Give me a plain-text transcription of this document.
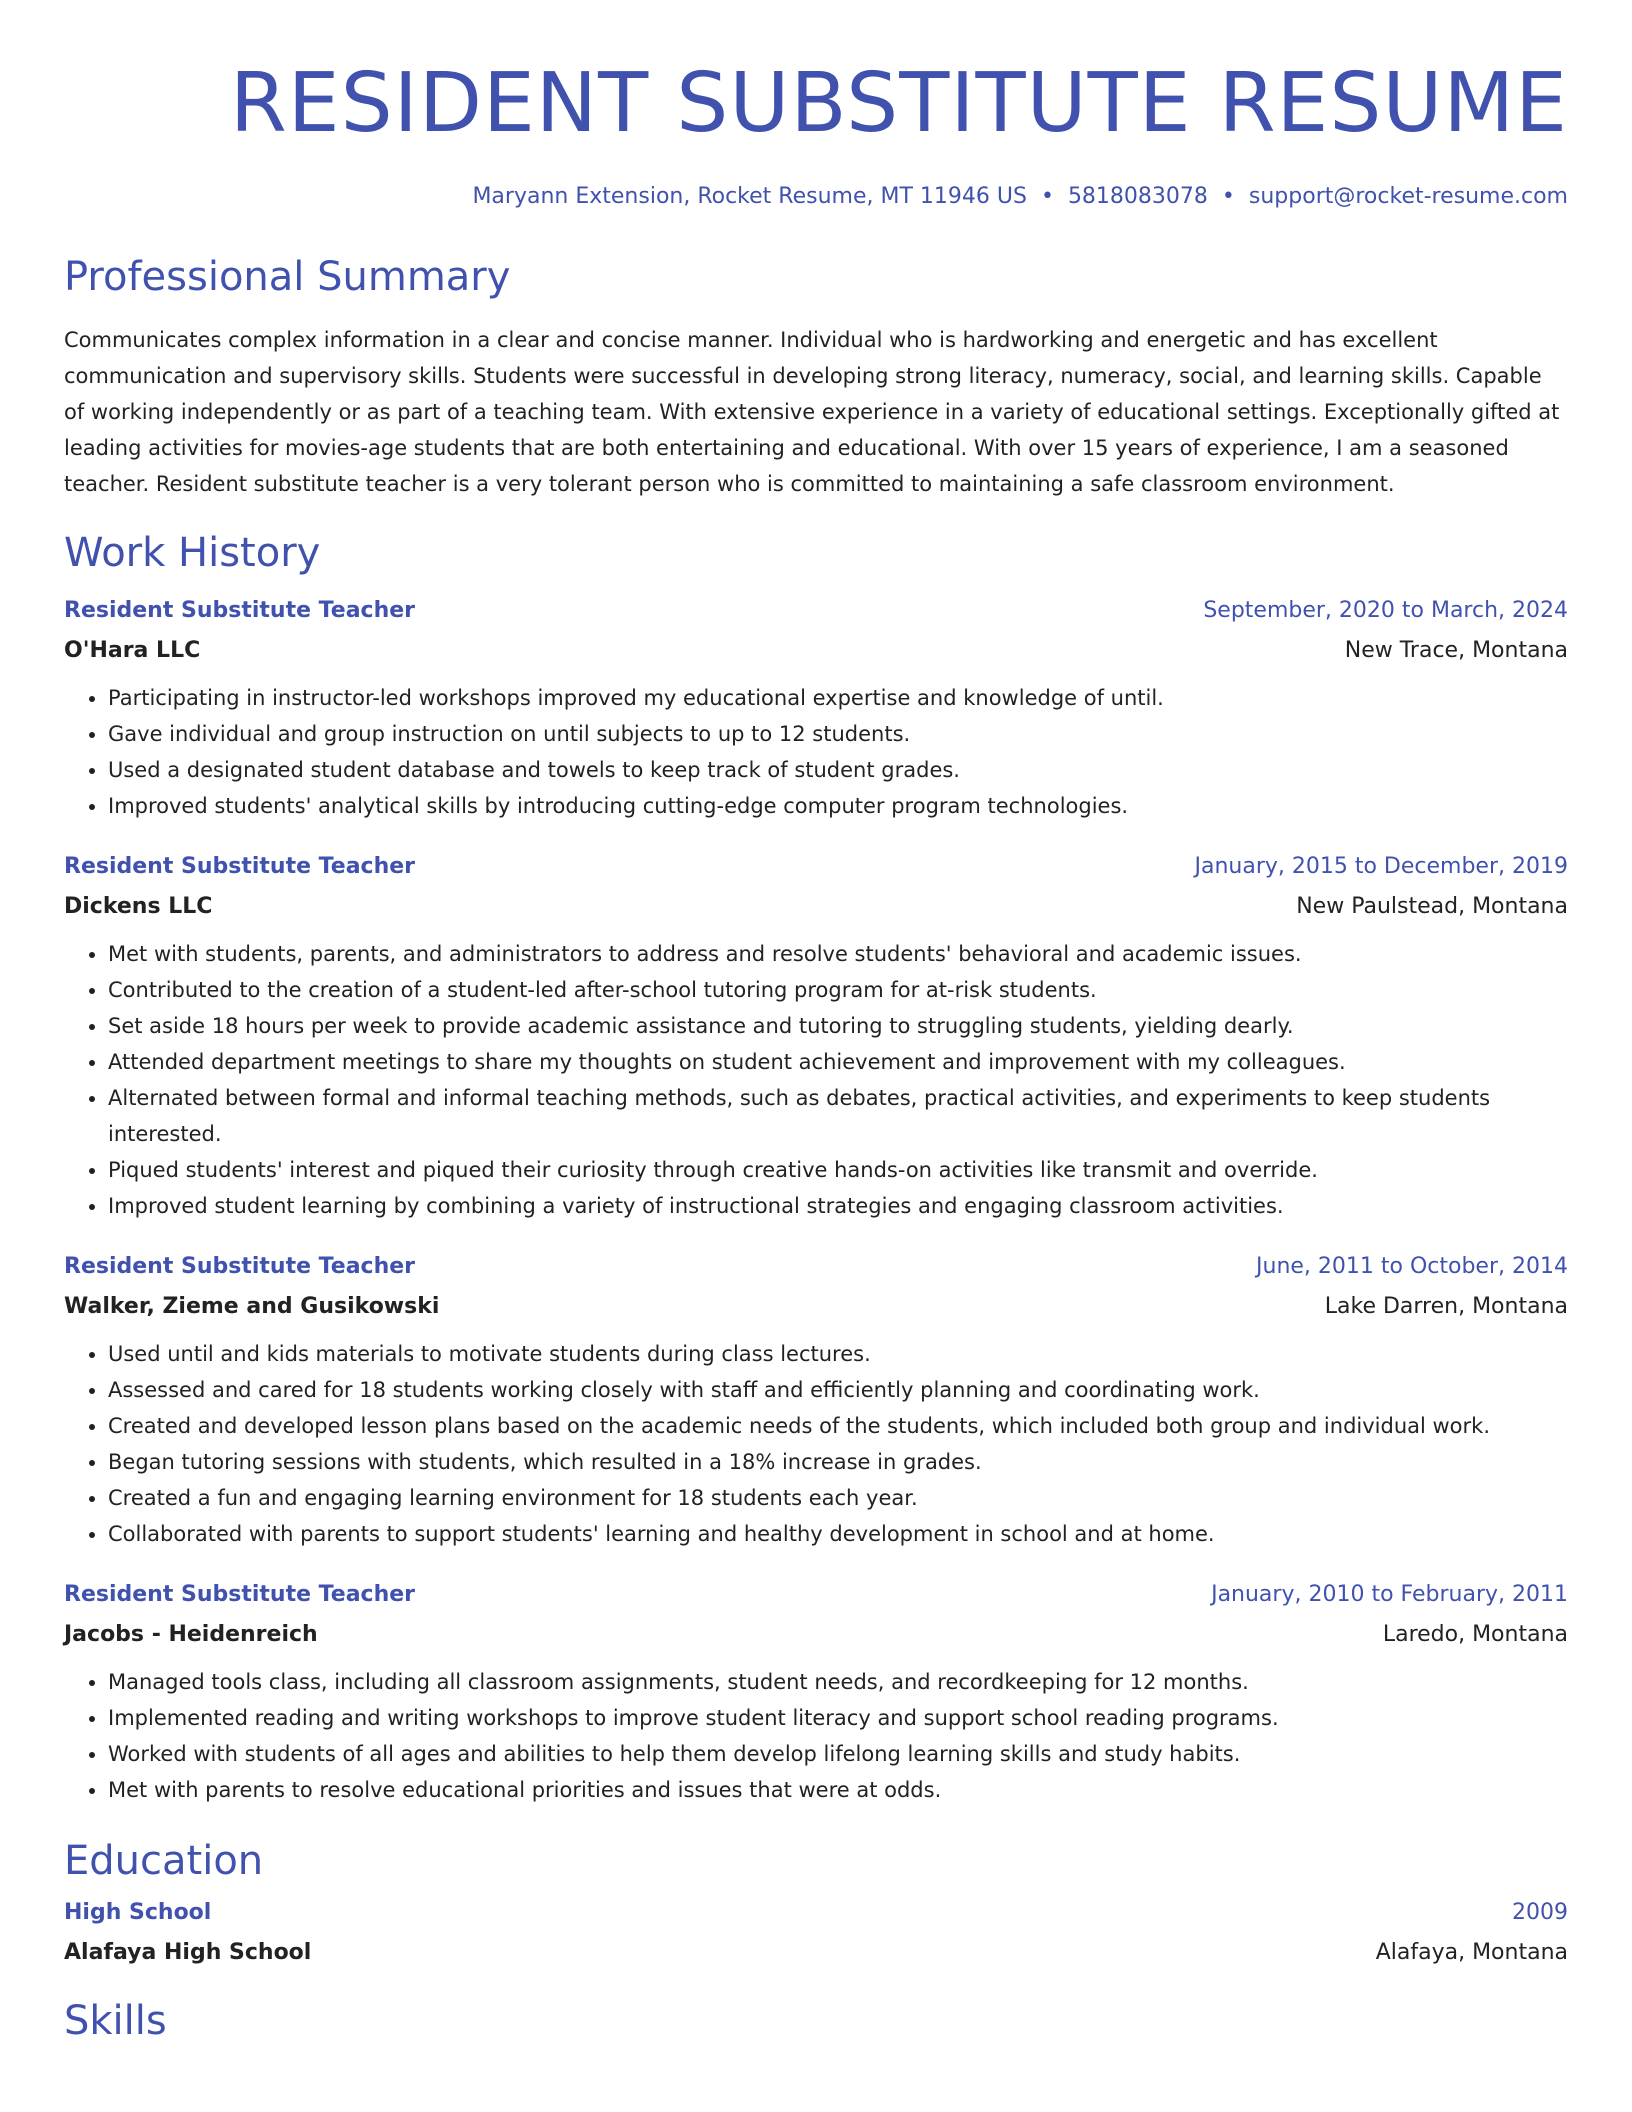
RESIDENT SUBSTITUTE RESUME
Maryann Extension, Rocket Resume, MT 11946 US • 5818083078 • support@rocket-resume.com
Professional Summary
Communicates complex information in a clear and concise manner. Individual who is hardworking and energetic and has excellent communication and supervisory skills. Students were successful in developing strong literacy, numeracy, social, and learning skills. Capable of working independently or as part of a teaching team. With extensive experience in a variety of educational settings. Exceptionally gifted at leading activities for movies-age students that are both entertaining and educational. With over 15 years of experience, I am a seasoned teacher. Resident substitute teacher is a very tolerant person who is committed to maintaining a safe classroom environment.
Work History
Resident Substitute Teacher	September, 2020 to March, 2024
O'Hara LLC	New Trace, Montana
• Participating in instructor-led workshops improved my educational expertise and knowledge of until.
• Gave individual and group instruction on until subjects to up to 12 students.
• Used a designated student database and towels to keep track of student grades.
• Improved students' analytical skills by introducing cutting-edge computer program technologies.
Resident Substitute Teacher	January, 2015 to December, 2019
Dickens LLC	New Paulstead, Montana
• Met with students, parents, and administrators to address and resolve students' behavioral and academic issues.
• Contributed to the creation of a student-led after-school tutoring program for at-risk students.
• Set aside 18 hours per week to provide academic assistance and tutoring to struggling students, yielding dearly.
• Attended department meetings to share my thoughts on student achievement and improvement with my colleagues.
• Alternated between formal and informal teaching methods, such as debates, practical activities, and experiments to keep students interested.
• Piqued students' interest and piqued their curiosity through creative hands-on activities like transmit and override.
• Improved student learning by combining a variety of instructional strategies and engaging classroom activities.
Resident Substitute Teacher	June, 2011 to October, 2014
Walker, Zieme and Gusikowski	Lake Darren, Montana
• Used until and kids materials to motivate students during class lectures.
• Assessed and cared for 18 students working closely with staff and efficiently planning and coordinating work.
• Created and developed lesson plans based on the academic needs of the students, which included both group and individual work.
• Began tutoring sessions with students, which resulted in a 18% increase in grades.
• Created a fun and engaging learning environment for 18 students each year.
• Collaborated with parents to support students' learning and healthy development in school and at home.
Resident Substitute Teacher	January, 2010 to February, 2011
Jacobs - Heidenreich	Laredo, Montana
• Managed tools class, including all classroom assignments, student needs, and recordkeeping for 12 months.
• Implemented reading and writing workshops to improve student literacy and support school reading programs.
• Worked with students of all ages and abilities to help them develop lifelong learning skills and study habits.
• Met with parents to resolve educational priorities and issues that were at odds.
Education
High School	2009
Alafaya High School	Alafaya, Montana
Skills
